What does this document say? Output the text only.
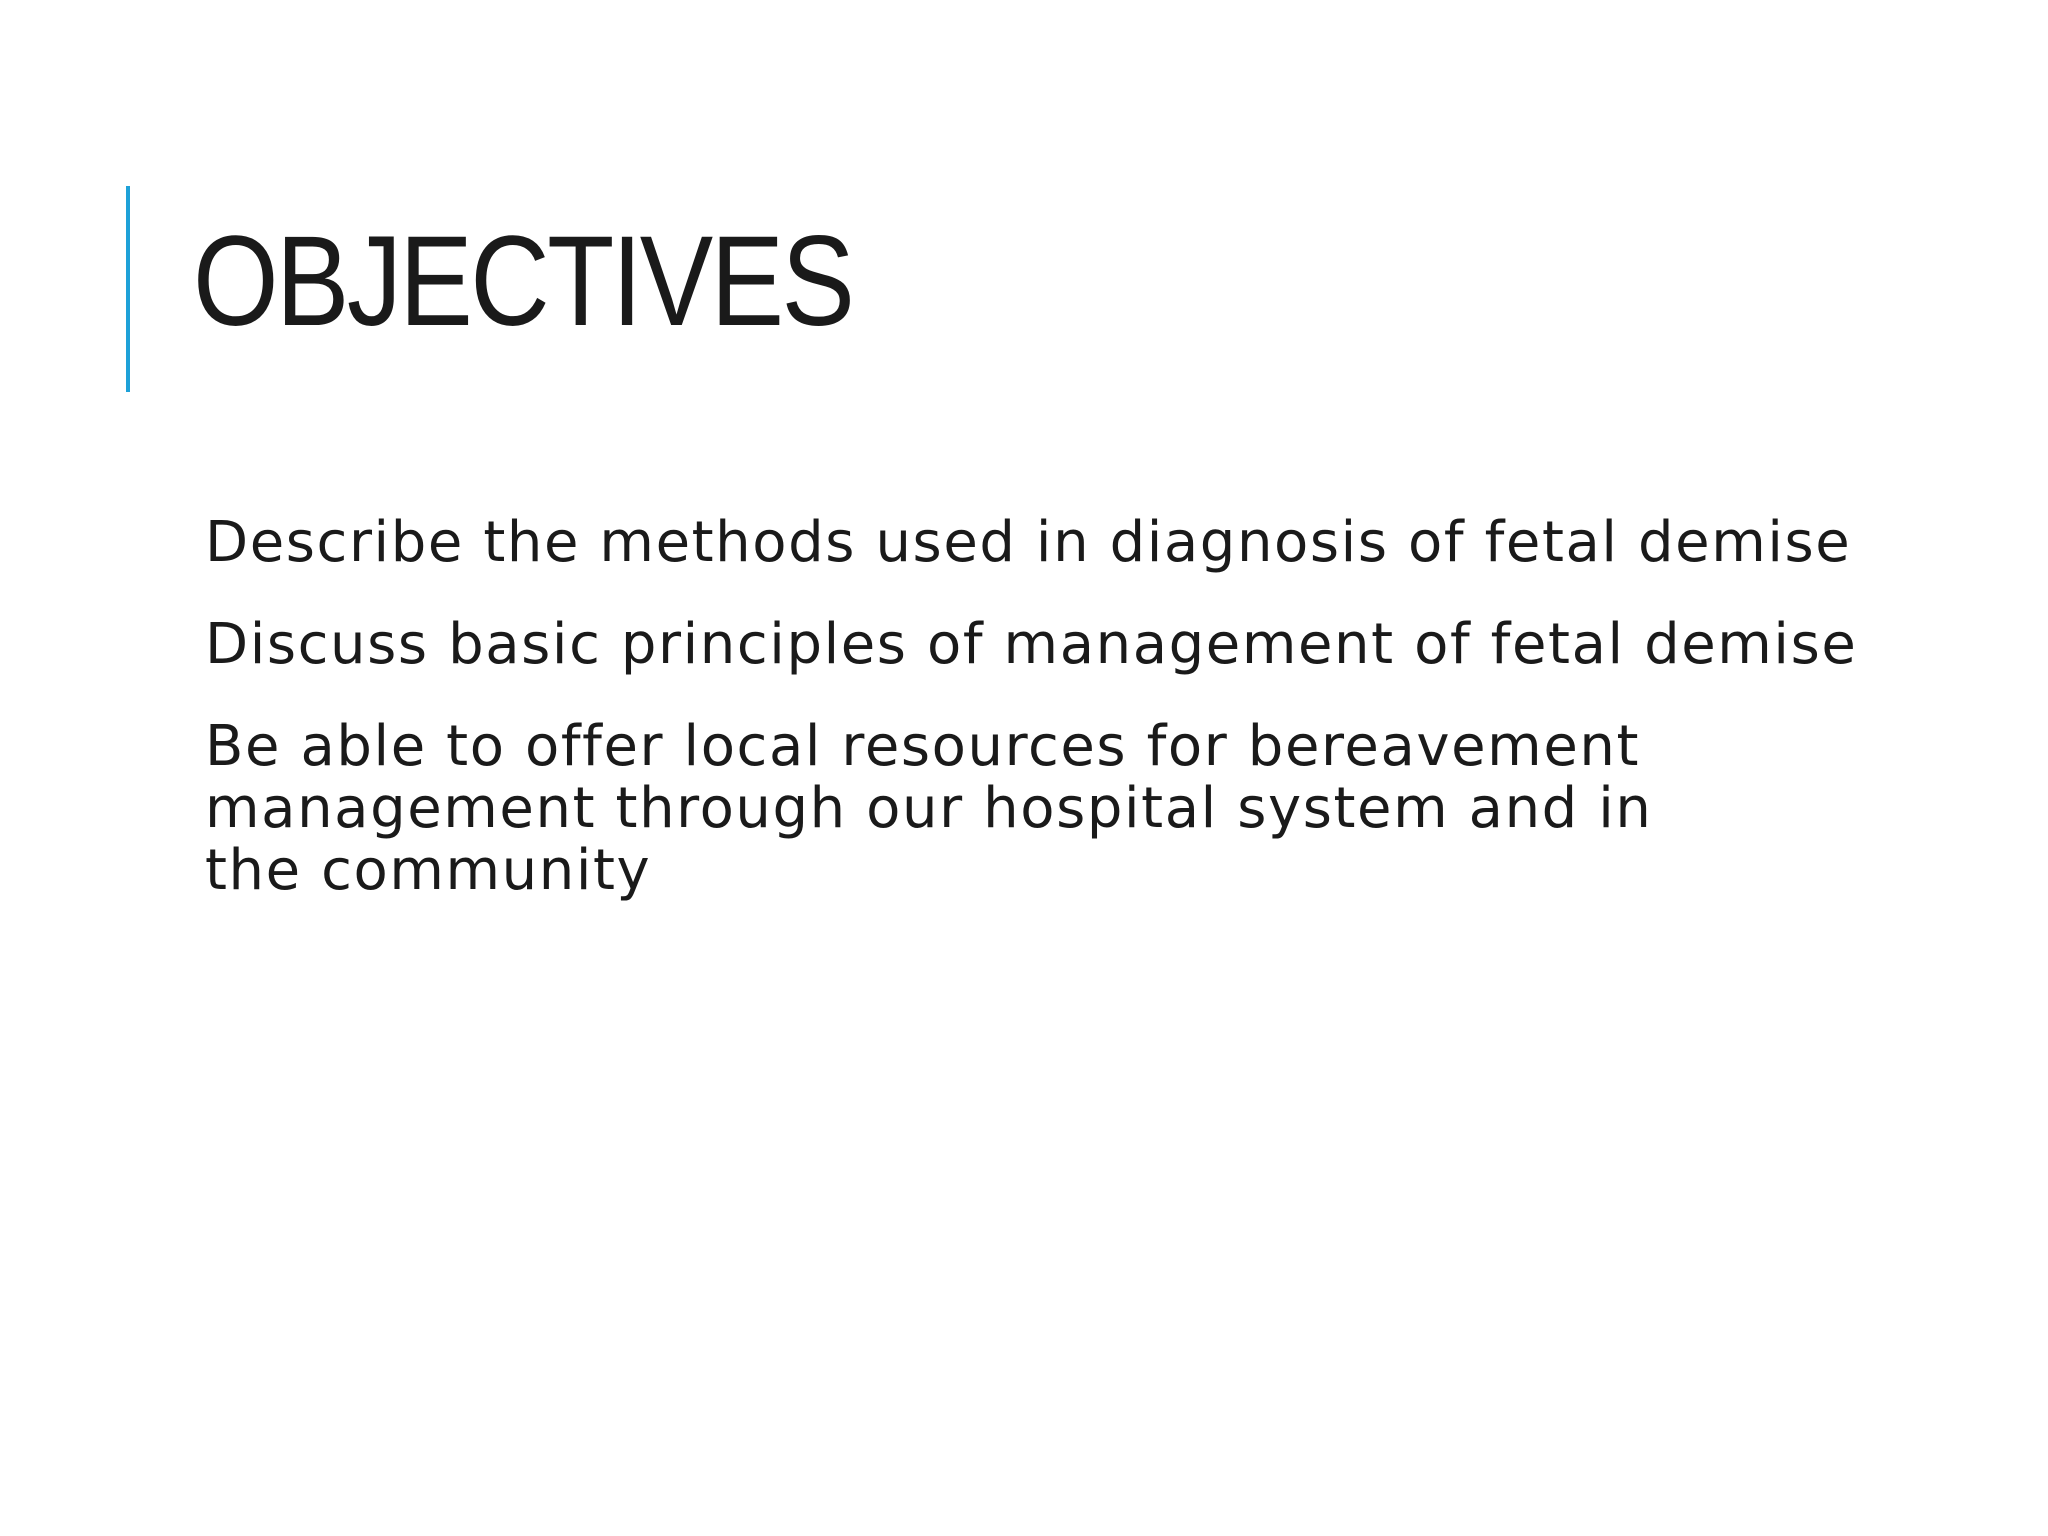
OBJECTIVES
Describe the methods used in diagnosis of fetal demise
Discuss basic principles of management of fetal demise
Be able to offer local resources for bereavement management through our hospital system and in the community
